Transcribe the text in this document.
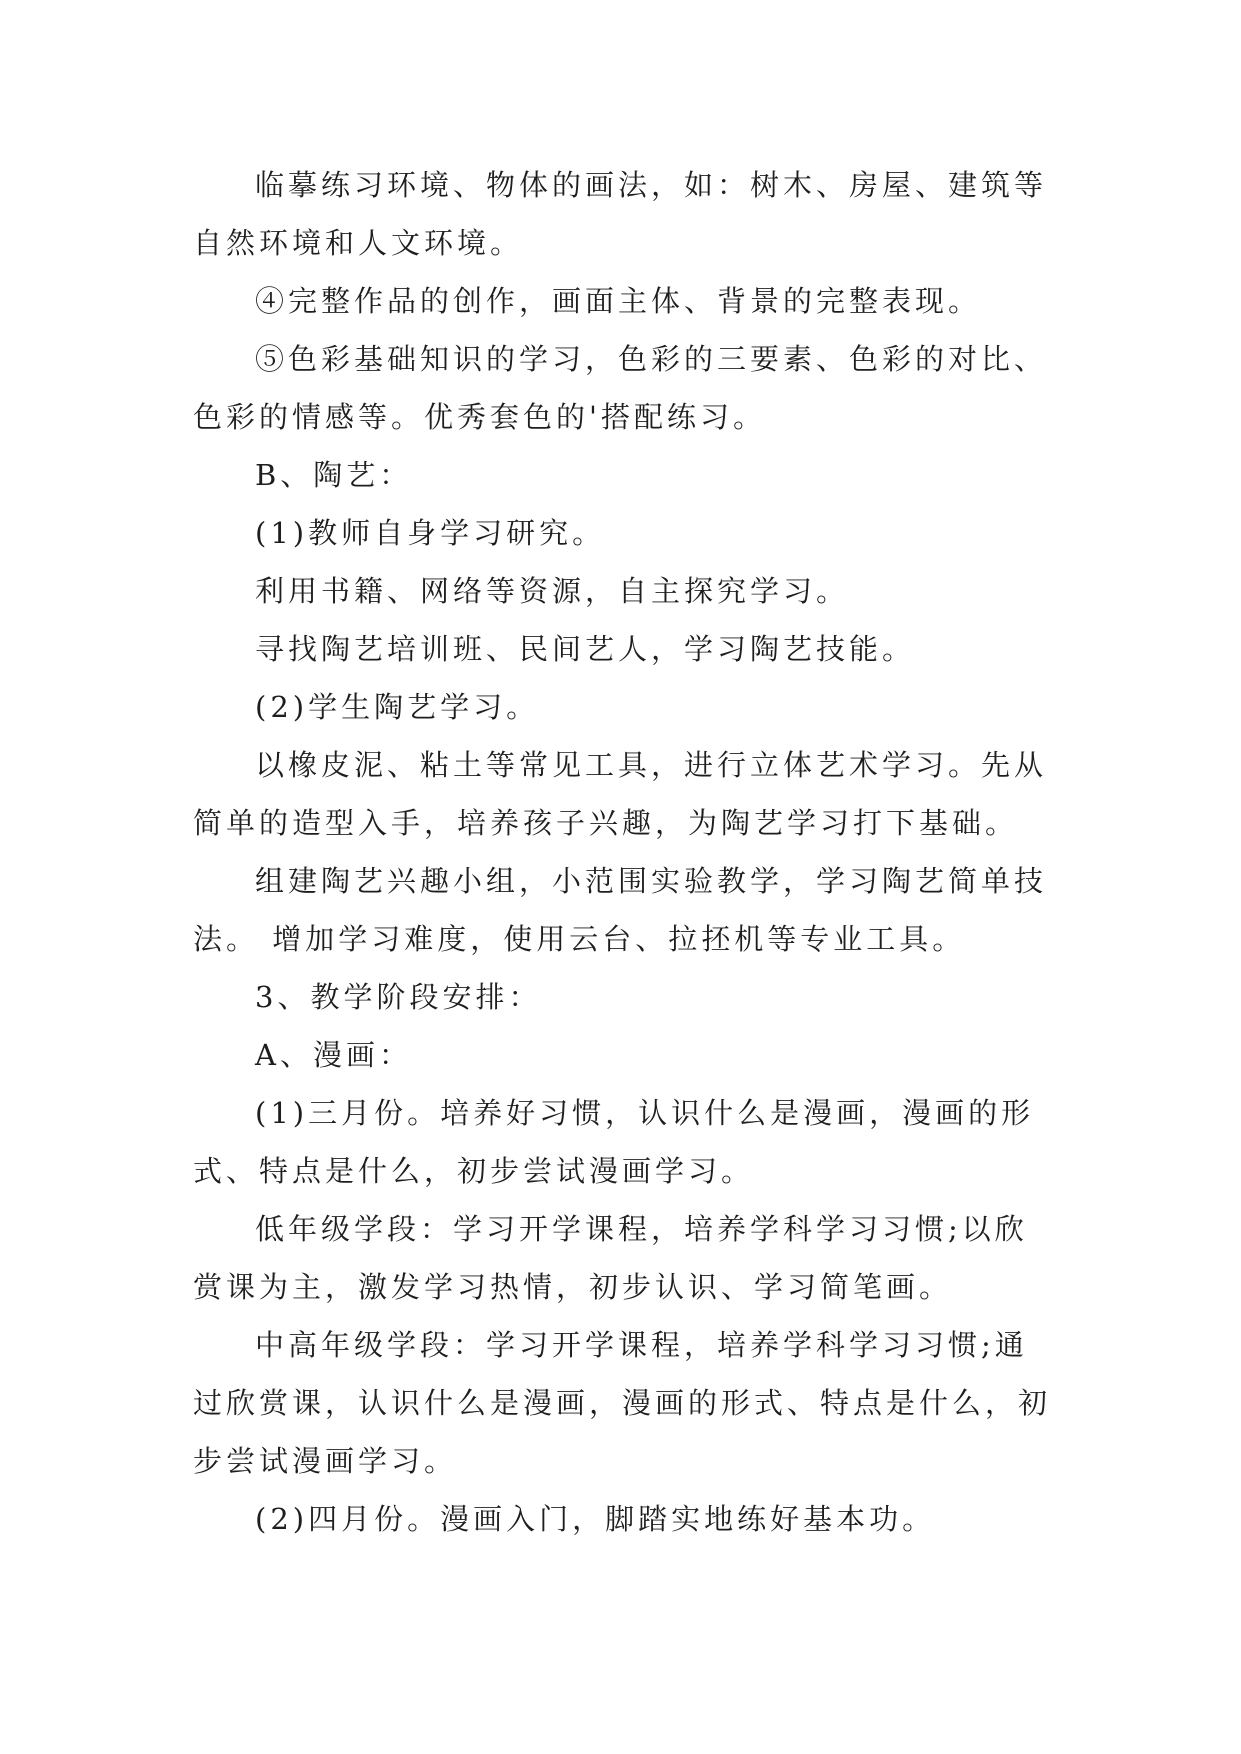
临摹练习环境、物体的画法，如：树木、房屋、建筑等自然环境和人文环境。

④完整作品的创作，画面主体、背景的完整表现。

⑤色彩基础知识的学习，色彩的三要素、色彩的对比、色彩的情感等。优秀套色的'搭配练习。

B、陶艺：

(1)教师自身学习研究。

利用书籍、网络等资源，自主探究学习。

寻找陶艺培训班、民间艺人，学习陶艺技能。

(2)学生陶艺学习。

以橡皮泥、粘土等常见工具，进行立体艺术学习。先从简单的造型入手，培养孩子兴趣，为陶艺学习打下基础。

组建陶艺兴趣小组，小范围实验教学，学习陶艺简单技法。 增加学习难度，使用云台、拉抷机等专业工具。

3、教学阶段安排：

A、漫画：

(1)三月份。培养好习惯，认识什么是漫画，漫画的形式、特点是什么，初步尝试漫画学习。

低年级学段：学习开学课程，培养学科学习习惯;以欣赏课为主，激发学习热情，初步认识、学习简笔画。

中高年级学段：学习开学课程，培养学科学习习惯;通过欣赏课，认识什么是漫画，漫画的形式、特点是什么，初步尝试漫画学习。

(2)四月份。漫画入门，脚踏实地练好基本功。
